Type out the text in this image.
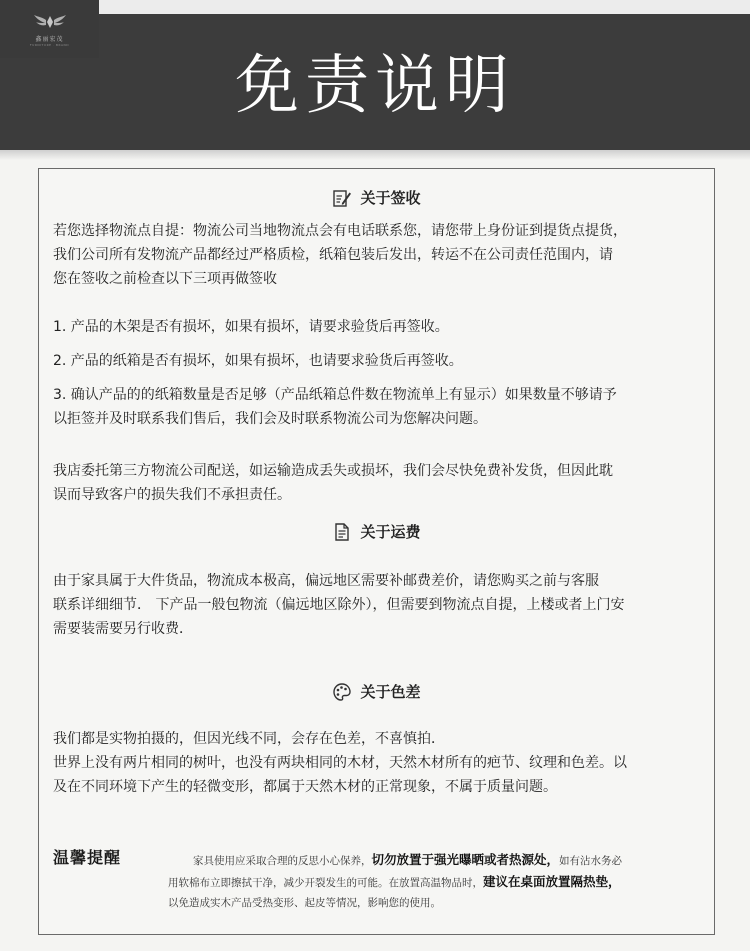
鑫丽宏茂
FURNITURE · BRAND
免责说明
关于签收
若您选择物流点自提：物流公司当地物流点会有电话联系您，请您带上身份证到提货点提货，
我们公司所有发物流产品都经过严格质检，纸箱包装后发出，转运不在公司责任范围内，请
您在签收之前检查以下三项再做签收
1. 产品的木架是否有损坏，如果有损坏，请要求验货后再签收。
2. 产品的纸箱是否有损坏，如果有损坏，也请要求验货后再签收。
3. 确认产品的的纸箱数量是否足够（产品纸箱总件数在物流单上有显示）如果数量不够请予
以拒签并及时联系我们售后，我们会及时联系物流公司为您解决问题。
我店委托第三方物流公司配送，如运输造成丢失或损坏，我们会尽快免费补发货，但因此耽
误而导致客户的损失我们不承担责任。
关于运费
由于家具属于大件货品，物流成本极高，偏远地区需要补邮费差价，请您购买之前与客服
联系详细细节． 下产品一般包物流（偏远地区除外），但需要到物流点自提，上楼或者上门安
需要装需要另行收费．
关于色差
我们都是实物拍摄的，但因光线不同，会存在色差，不喜慎拍．
世界上没有两片相同的树叶，也没有两块相同的木材，天然木材所有的疤节、纹理和色差。以
及在不同环境下产生的轻微变形，都属于天然木材的正常现象，不属于质量问题。
温馨提醒	家具使用应采取合理的反思小心保养，切勿放置于强光曝晒或者热源处，如有沾水务必
用软棉布立即擦拭干净，减少开裂发生的可能。在放置高温物品时，建议在桌面放置隔热垫，
以免造成实木产品受热变形、起皮等情况，影响您的使用。
